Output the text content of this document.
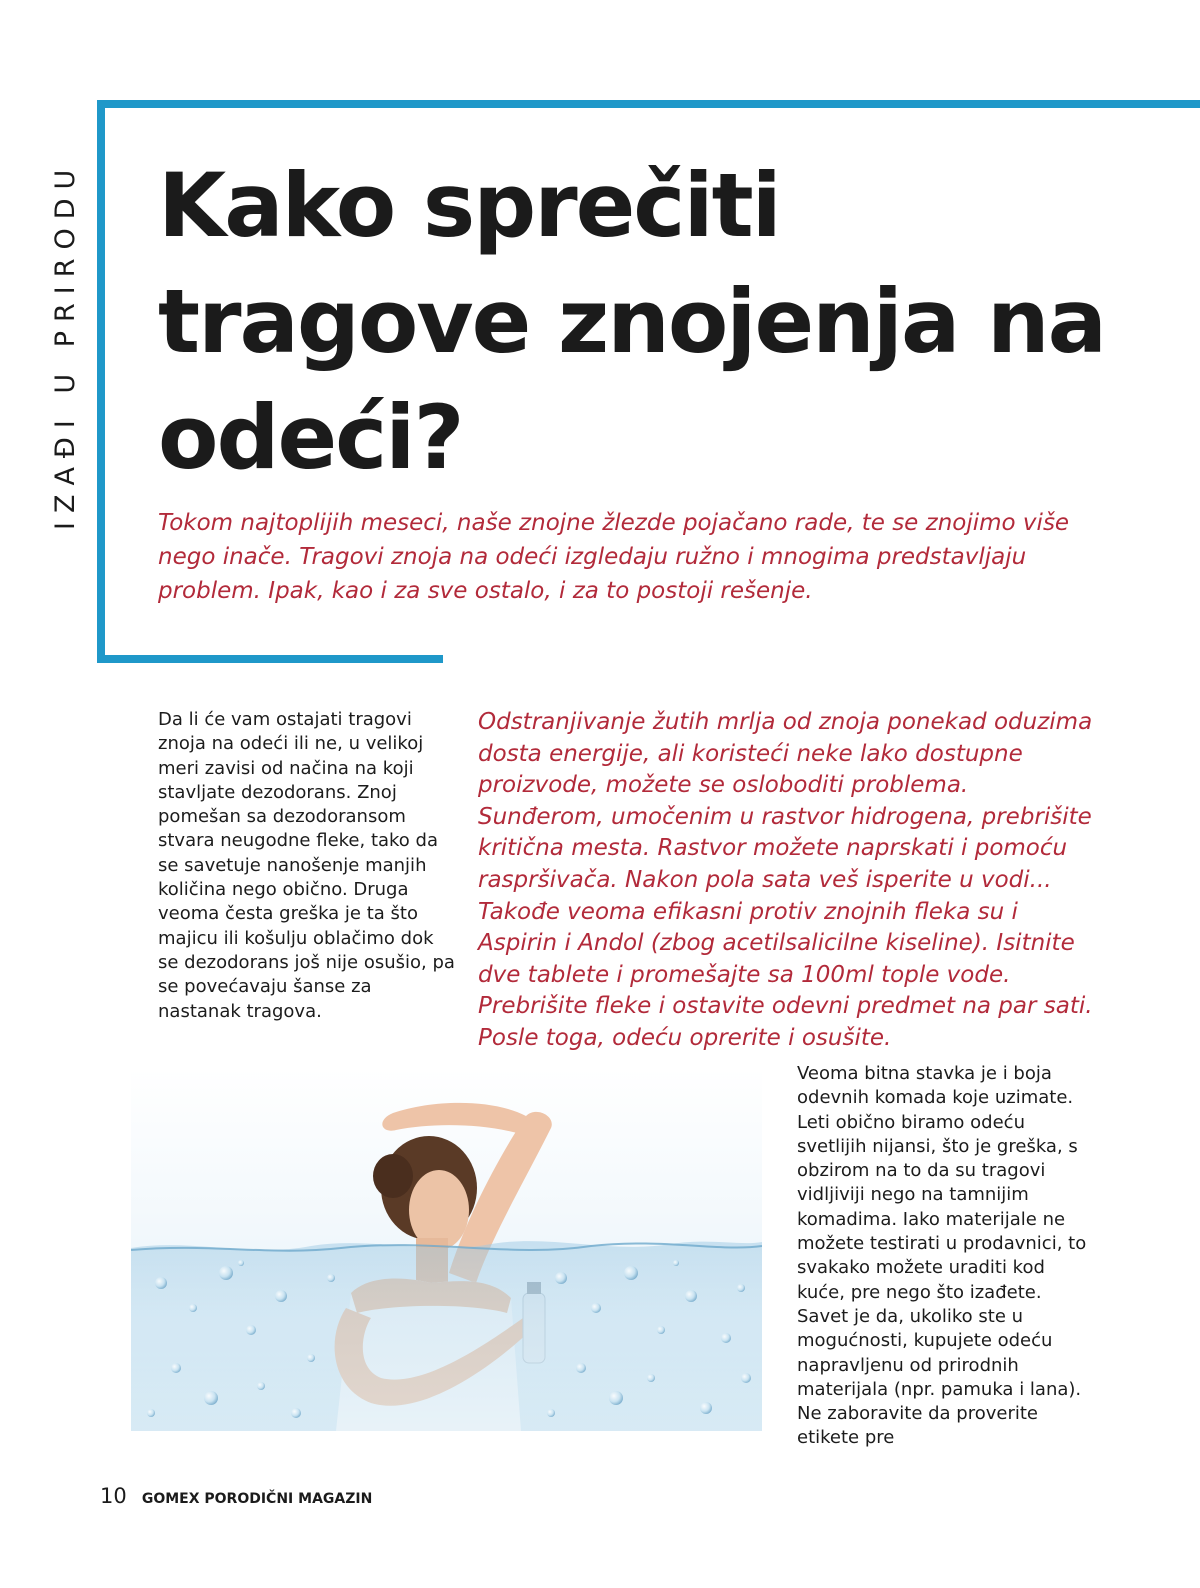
IZAĐI U PRIRODU Kako sprečiti tragove znojenja na odeći?

Tokom najtoplijih meseci, naše znojne žlezde pojačano rade, te se znojimo više nego inače. Tragovi znoja na odeći izgledaju ružno i mnogima predstavljaju problem. Ipak, kao i za sve ostalo, i za to postoji rešenje.

Da li će vam ostajati tragovi znoja na odeći ili ne, u velikoj meri zavisi od načina na koji stavljate dezodorans. Znoj pomešan sa dezodoransom stvara neugodne fleke, tako da se savetuje nanošenje manjih količina nego obično. Druga veoma česta greška je ta što majicu ili košulju oblačimo dok se dezodorans još nije osušio, pa se povećavaju šanse za nastanak tragova.

Odstranjivanje žutih mrlja od znoja ponekad oduzima dosta energije, ali koristeći neke lako dostupne proizvode, možete se osloboditi problema. Sunđerom, umočenim u rastvor hidrogena, prebrišite kritična mesta. Rastvor možete naprskati i pomoću raspršivača. Nakon pola sata veš isperite u vodi... Takođe veoma efikasni protiv znojnih fleka su i Aspirin i Andol (zbog acetilsalicilne kiseline). Isitnite dve tablete i promešajte sa 100ml tople vode. Prebrišite fleke i ostavite odevni predmet na par sati. Posle toga, odeću oprerite i osušite.

Veoma bitna stavka je i boja odevnih komada koje uzimate. Leti obično biramo odeću svetlijih nijansi, što je greška, s obzirom na to da su tragovi vidljiviji nego na tamnijim komadima. Iako materijale ne možete testirati u prodavnici, to svakako možete uraditi kod kuće, pre nego što izađete. Savet je da, ukoliko ste u mogućnosti, kupujete odeću napravljenu od prirodnih materijala (npr. pamuka i lana). Ne zaboravite da proverite etikete pre

10 GOMEX PORODIČNI MAGAZIN
